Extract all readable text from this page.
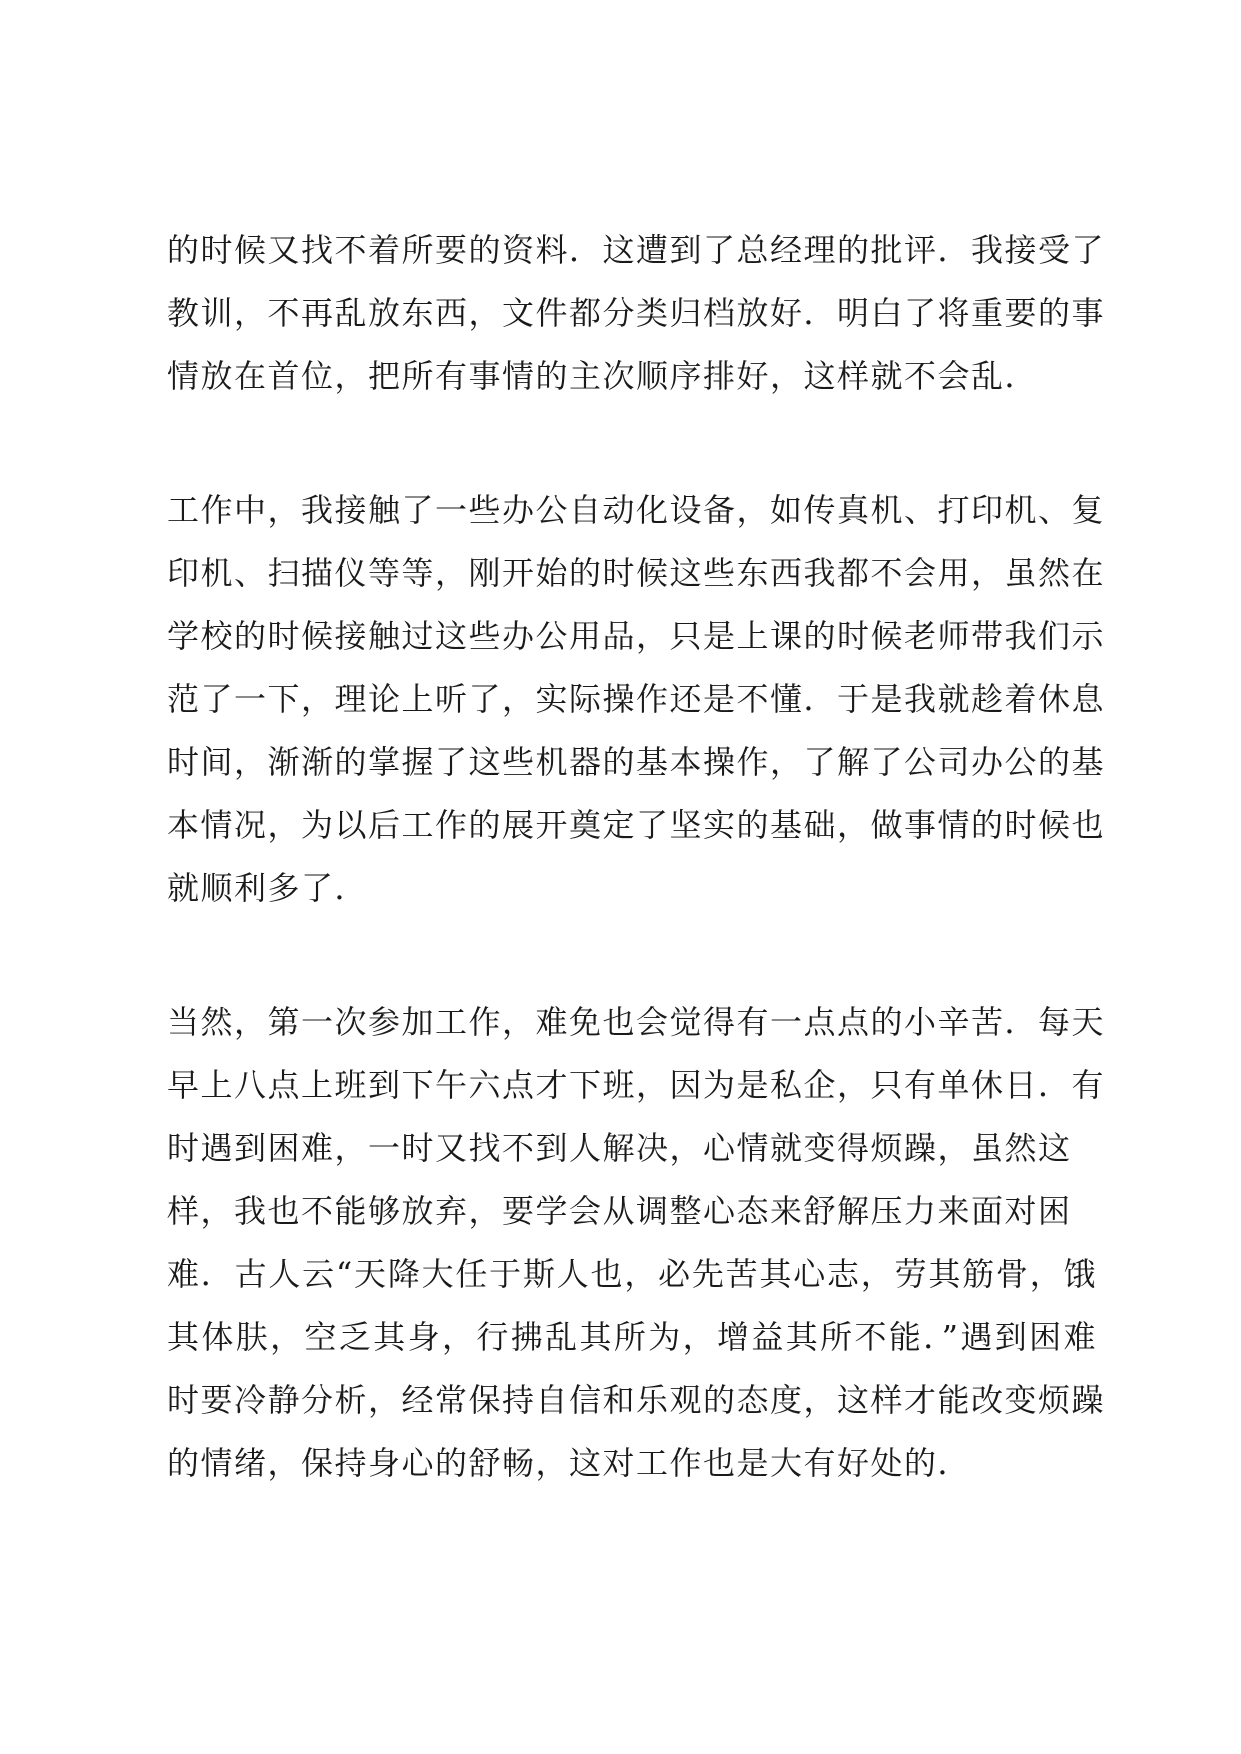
的时候又找不着所要的资料．这遭到了总经理的批评．我接受了

教训，不再乱放东西，文件都分类归档放好．明白了将重要的事

情放在首位，把所有事情的主次顺序排好，这样就不会乱．

工作中，我接触了一些办公自动化设备，如传真机、打印机、复

印机、扫描仪等等，刚开始的时候这些东西我都不会用，虽然在

学校的时候接触过这些办公用品，只是上课的时候老师带我们示

范了一下，理论上听了，实际操作还是不懂．于是我就趁着休息

时间，渐渐的掌握了这些机器的基本操作，了解了公司办公的基

本情况，为以后工作的展开奠定了坚实的基础，做事情的时候也

就顺利多了．

当然，第一次参加工作，难免也会觉得有一点点的小辛苦．每天

早上八点上班到下午六点才下班，因为是私企，只有单休日．有

时遇到困难，一时又找不到人解决，心情就变得烦躁，虽然这

样，我也不能够放弃，要学会从调整心态来舒解压力来面对困

难．古人云“天降大任于斯人也，必先苦其心志，劳其筋骨，饿

其体肤，空乏其身，行拂乱其所为，增益其所不能．”遇到困难

时要冷静分析，经常保持自信和乐观的态度，这样才能改变烦躁

的情绪，保持身心的舒畅，这对工作也是大有好处的．
